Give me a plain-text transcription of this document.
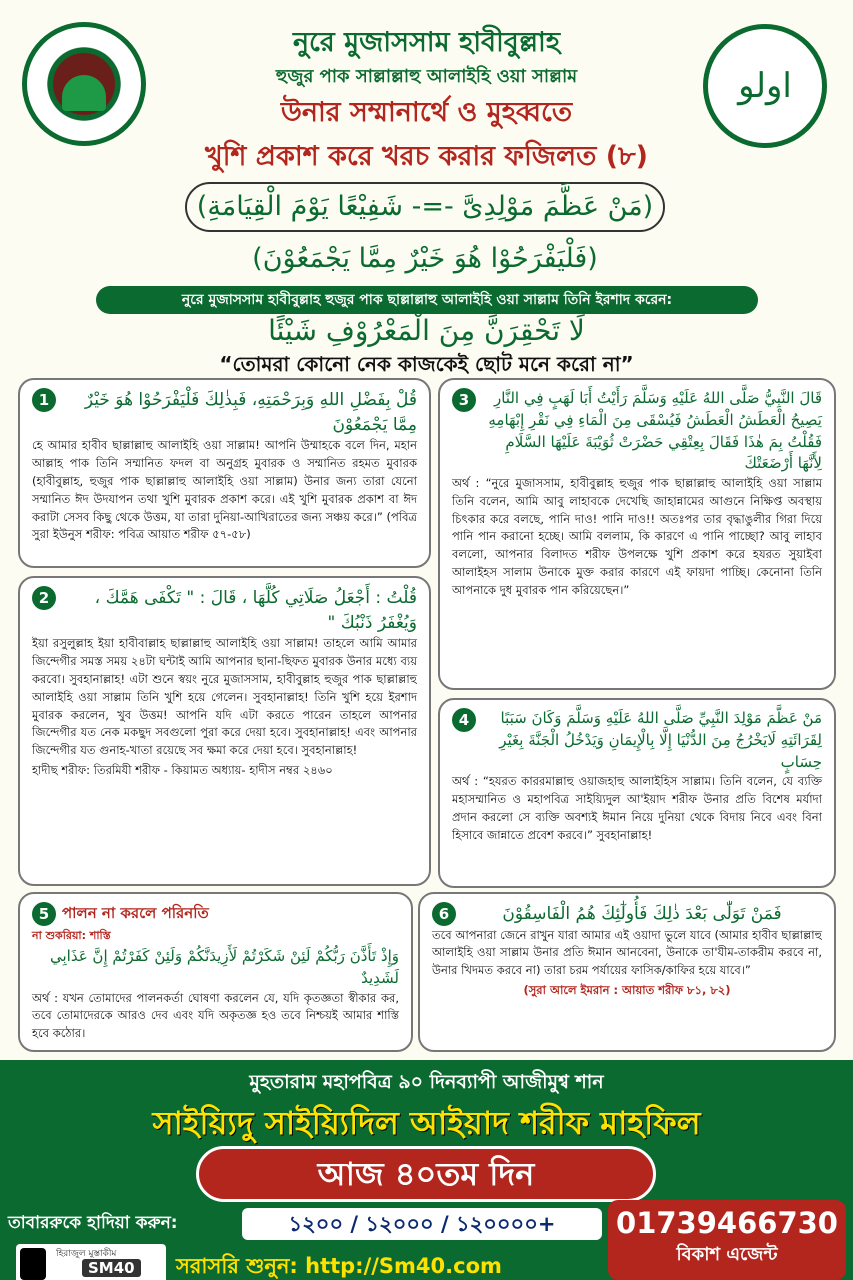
اولو
নুরে মুজাসসাম হাবীবুল্লাহ
হুজুর পাক সাল্লাল্লাহু আলাইহি ওয়া সাল্লাম
উনার সম্মানার্থে ও মুহব্বতে
খুশি প্রকাশ করে খরচ করার ফজিলত (৮)
(مَنْ عَظَّمَ مَوْلِدِىَّ -=- شَفِيْعًا يَوْمَ الْقِيَامَةِ)
(فَلْيَفْرَحُوْا هُوَ خَيْرٌ مِمَّا يَجْمَعُوْنَ)
নুরে মুজাসসাম হাবীবুল্লাহ হুজুর পাক ছাল্লাল্লাহু আলাইহি ওয়া সাল্লাম তিনি ইরশাদ করেন:
لَا تَحْقِرَنَّ مِنَ الْمَعْرُوْفِ شَيْئًا
“তোমরা কোনো নেক কাজকেই ছোট মনে করো না”
1	قُلْ بِفَضْلِ اللهِ وَبِرَحْمَتِهِ، فَبِذٰلِكَ فَلْيَفْرَحُوْا هُوَ خَيْرٌ مِمَّا يَجْمَعُوْنَ
হে আমার হাবীব ছাল্লাল্লাহু আলাইহি ওয়া সাল্লাম! আপনি উম্মাহকে বলে দিন, মহান আল্লাহ পাক তিনি সম্মানিত ফদল বা অনুগ্রহ মুবারক ও সম্মানিত রহমত মুবারক (হাবীবুল্লাহ, হুজুর পাক ছাল্লাল্লাহু আলাইহি ওয়া সাল্লাম) উনার জন্য তারা যেনো সম্মানিত ঈদ উদযাপন তথা খুশি মুবারক প্রকাশ করে। এই খুশি মুবারক প্রকাশ বা ঈদ করাটা সেসব কিছু থেকে উত্তম, যা তারা দুনিয়া-আখিরাতের জন্য সঞ্চয় করে।” (পবিত্র সুরা ইউনুস শরীফ: পবিত্র আয়াত শরীফ ৫৭-৫৮)
2	قُلْتُ : أَجْعَلُ صَلَاتِي كُلَّهَا ، قَالَ : " تَكْفَى هَمَّكَ ، وَيُغْفَرُ ذَنْبُكَ "
ইয়া রসুলুল্লাহ ইয়া হাবীবাল্লাহ ছাল্লাল্লাহু আলাইহি ওয়া সাল্লাম! তাহলে আমি আমার জিন্দেগীর সমস্ত সময় ২৪টা ঘন্টাই আমি আপনার ছানা-ছিফত মুবারক উনার মধ্যে ব্যয় করবো। সুবহানাল্লাহ! এটা শুনে স্বয়ং নুরে মুজাসসাম, হাবীবুল্লাহ হুজুর পাক ছাল্লাল্লাহু আলাইহি ওয়া সাল্লাম তিনি খুশি হয়ে গেলেন। সুবহানাল্লাহ! তিনি খুশি হয়ে ইরশাদ মুবারক করলেন, খুব উত্তম! আপনি যদি এটা করতে পারেন তাহলে আপনার জিন্দেগীর যত নেক মকছুদ সবগুলো পুরা করে দেয়া হবে। সুবহানাল্লাহ! এবং আপনার জিন্দেগীর যত গুনাহ-খাতা রয়েছে সব ক্ষমা করে দেয়া হবে। সুবহানাল্লাহ!
হাদীছ শরীফ: তিরমিযী শরীফ - কিয়ামত অধ্যায়- হাদীস নম্বর ২৪৬০
3	قَالَ النَّبِيُّ صَلَّى اللهُ عَلَيْهِ وَسَلَّمَ رَأَيْتُ أَبَا لَهَبٍ فِي النَّارِ يَصِيحُ الْعَطَشُ الْعَطَشُ فَيُسْقَى مِنَ الْمَاءِ فِي نَقْرِ إِبْهَامِهِ فَقُلْتُ بِمَ هٰذَا فَقَالَ بِعِتْقِي حَضْرَتْ ثُوَيْبَةَ عَلَيْهَا السَّلَامِ لِأَنَّهَا أَرْضَعَتْكَ
অর্থ : “নুরে মুজাসসাম, হাবীবুল্লাহ হুজুর পাক ছাল্লাল্লাহু আলাইহি ওয়া সাল্লাম তিনি বলেন, আমি আবু লাহাবকে দেখেছি জাহান্নামের আগুনে নিক্ষিপ্ত অবস্থায় চিৎকার করে বলছে, পানি দাও! পানি দাও!! অতঃপর তার বৃদ্ধাঙুলীর গিরা দিয়ে পানি পান করানো হচ্ছে। আমি বললাম, কি কারণে এ পানি পাচ্ছো? আবু লাহাব বললো, আপনার বিলাদত শরীফ উপলক্ষে খুশি প্রকাশ করে হযরত সুয়াইবা আলাইহস সালাম উনাকে মুক্ত করার কারণে এই ফায়দা পাচ্ছি। কেনোনা তিনি আপনাকে দুধ মুবারক পান করিয়েছেন।”
4	مَنْ عَظَّمَ مَوْلِدَ النَّبِيِّ صَلَّى اللهُ عَلَيْهِ وَسَلَّمَ وَكَانَ سَبَبًا لِقَرَائَتِهِ لَايَخْرُجُ مِنَ الدُّنْيَا إِلَّا بِالْإِيمَانِ وَيَدْخُلُ الْجَنَّةَ بِغَيْرِ حِسَابٍ
অর্থ : “হযরত কাররমাল্লাহু ওয়াজহাহু আলাইহিস সাল্লাম। তিনি বলেন, যে ব্যক্তি মহাসম্মানিত ও মহাপবিত্র সাইয়্যিদুল আ'ইয়াদ শরীফ উনার প্রতি বিশেষ মর্যাদা প্রদান করলো সে ব্যক্তি অবশ্যই ঈমান নিয়ে দুনিয়া থেকে বিদায় নিবে এবং বিনা হিসাবে জান্নাতে প্রবেশ করবে।” সুবহানাল্লাহ!
5 পালন না করলে পরিনতি
না শুকরিয়া: শাস্তি
وَإِذْ تَأَذَّنَ رَبُّكُمْ لَئِنْ شَكَرْتُمْ لَأَزِيدَنَّكُمْ وَلَئِنْ كَفَرْتُمْ إِنَّ عَذَابِي لَشَدِيدٌ
অর্থ : যখন তোমাদের পালনকর্তা ঘোষণা করলেন যে, যদি কৃতজ্ঞতা স্বীকার কর, তবে তোমাদেরকে আরও দেব এবং যদি অকৃতজ্ঞ হও তবে নিশ্চয়ই আমার শাস্তি হবে কঠোর।
6	فَمَنْ تَوَلّٰى بَعْدَ ذٰلِكَ فَأُولٰٓئِكَ هُمُ الْفَاسِقُوْنَ
তবে আপনারা জেনে রাখুন যারা আমার এই ওয়াদা ভুলে যাবে (আমার হাবীব ছাল্লাল্লাহু আলাইহি ওয়া সাল্লাম উনার প্রতি ঈমান আনবেনা, উনাকে তা'যীম-তাকরীম করবে না, উনার খিদমত করবে না) তারা চরম পর্যায়ের ফাসিক/কাফির হয়ে যাবে।”
(সুরা আলে ইমরান : আয়াত শরীফ ৮১, ৮২)
মুহতারাম মহাপবিত্র ৯০ দিনব্যাপী আজীমুশ্ব শান
সাইয়্যিদু সাইয়্যিদিল আইয়াদ শরীফ মাহফিল
আজ ৪০তম দিন
তাবাররুকে হাদিয়া করুন:	১২০০ / ১২০০০ / ১২০০০০+	01739466730
বিকাশ এজেন্ট
হিরাজুল মুস্তাকীম
SM40 সরাসরি শুনুন: http://Sm40.com
